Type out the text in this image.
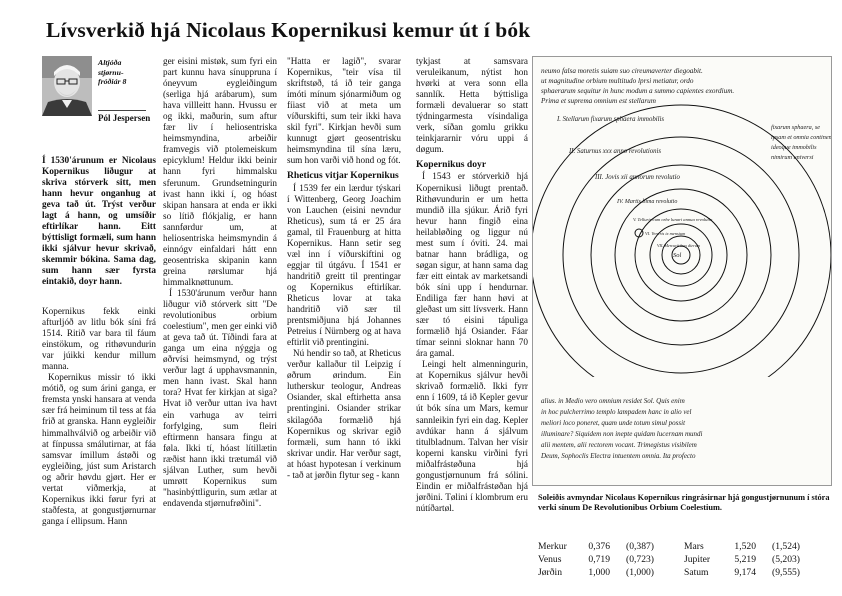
Lívsverkið hjá Nicolaus Kopernikusi kemur út í bók
Altjóða
stjørnu-
fróðiár 8
Pól Jespersen
Í 1530'árunum er Nicolaus Kopernikus liðugur at skriva stórverk sitt, men hann hevur onganhug at geva tað út. Trýst verður lagt á hann, og umsíðir eftirlíkar hann. Eitt býttisligt formæli, sum hann ikki sjálvur hevur skrivað, skemmir bókina. Sama dag, sum hann sær fyrsta eintakið, doyr hann.

Kopernikus fekk einki afturljóð av litlu bók síni frá 1514. Ritið var bara til fáum einstökum, og rithøvundurin var júikki kendur millum manna.

Kopernikus missir tó ikki mótið, og sum árini ganga, er fremsta ynski hansara at venda sær frá heiminum til tess at fáa frið at granska. Hann eygleiðir himmalhválvið og arbeiðir við at fínpussa smálutirnar, at fáa samsvar ímillum ástøði og eygleiðing, júst sum Aristarch og aðrir høvdu gjørt. Her er vertat viðmerkja, at Kopernikus ikki førur fyri at staðfesta, at gongustjørnurnar ganga í ellipsum. Hann

ger eisini mistøk, sum fyri ein part kunnu hava sínuppruna í óneyvum eygleiðingum (serliga hjá arábarum), sum hava villleitt hann. Hvussu er og ikki, maðurin, sum aftur fær liv í heliosentriska heimsmyndina, arbeiðir framvegis við ptolemeiskum epicyklum! Heldur ikki beinir hann fyri himmalsku sferunum. Grundsetningurin ivast hann ikki í, og hóast skipan hansara at enda er ikki so lítið flókjalig, er hann sannførdur um, at heliosentriska heimsmyndin á einnógv einfaldari hátt enn geosentriska skipanin kann greina rørslumar hjá himmalknøttunum.

Í 1530'árunum verður hann liðugur við stórverk sitt "De revolutionibus orbium coelestium", men ger einki við at geva tað út. Tíðindi fara at ganga um eina nýggja og øðrvísi heimsmynd, og trýst verður lagt á upphavsmannin, men hann ivast. Skal hann tora? Hvat fer kirkjan at siga? Hvat ið verður uttan iva havt ein varhuga av teirri forfylging, sum fleiri eftirmenn hansara fingu at føla. Ikki tí, hóast lítillætin ræðist hann ikki trætumál við sjálvan Luther, sum hevði umrøtt Kopernikus sum "hasinbýttligurin, sum ætlar at endavenda stjørnufrøðini".

"Hatta er lagið", svarar Kopernikus, "teir vísa til skriftstøð, tá ið teir ganga ímóti mínum sjónarmiðum og fíiast við at meta um víðurskifti, sum teir ikki hava skil fyri". Kirkjan hevði sum kunnugt gjørt geosentrisku heimsmyndina til sína læru, sum hon varði við hond og fót.

Rheticus vitjar Kopernikus

Í 1539 fer ein lærdur týskari í Wittenberg, Georg Joachim von Lauchen (eisini nevndur Rheticus), sum tá er 25 ára gamal, til Frauenburg at hitta Kopernikus. Hann setir seg væl inn í víðurskiftini og eggjar til útgávu. Í 1541 er handritið greitt til prentingar og Kopernikus eftirlíkar. Rheticus lovar at taka handritið við sær til prentsmiðjuna hjá Johannes Petreius í Nürnberg og at hava eftirlit við prentingini.

Nú hendir so tað, at Rheticus verður kallaður til Leipzig í øðrum ørindum. Ein lutherskur teologur, Andreas Osiander, skal eftirhetta ansa prentingini. Osiander strikar skilagóða formælið hjá Kopernikus og skrivar egið formæli, sum hann tó ikki skrivar undir. Har verður sagt, at hóast hypotesan í verkinum - tað at jørðin flytur seg - kann

tykjast at samsvara veruleikanum, nýtist hon hvørki at vera sonn ella sannlík. Hetta býttisliga formæli devaluerar so statt týdningarmesta vísindaliga verk, síðan gomlu grikku teinkjararnir vóru uppi á døgum.

Kopernikus doyr

Í 1543 er stórverkið hjá Kopernikusi liðugt prentað. Rithøvundurin er um hetta mundið illa sjúkur. Árið fyri hevur hann fingið eina heilabløðing og liggur nú mest sum í óviti. 24. mai batnar hann brádliga, og søgan sigur, at hann sama dag fær eitt eintak av marketsandi bók síni upp í hendurnar. Endiliga fær hann høvi at gleðast um sitt lívsverk. Hann sær tó eisini tápuliga formælið hjá Osiander. Fáar tímar seinni sloknar hann 70 ára gamal.

Leingi helt almenningurin, at Kopernikus sjálvur hevði skrivað formælið. Ikki fyrr enn í 1609, tá ið Kepler gevur út bók sína um Mars, kemur sannleikin fyri ein dag. Kepler avdúkar hann á sjálvum titulbladnum. Talvan her vísir koperni kansku virðini fyri miðalfrástøðuna hjá gongustjørnunum frá sólini. Eindin er miðalfrástøðan hjá jørðini. Tølini í klombrum eru nútíðartøl.

neumo falsa moretis suiam suo cireumaverter diegoabit.
ut magnitudine orbium multitudo lprsi metiatur, ordo
sphaerarum sequitur in hunc modum a summo capientes exordium.
Prima et suprema omnium est stellarum
I. Stellarum fixarum sphaera immobilis
II. Saturnus xxx anno revolutionis
III. Jovis xii annorum revolutio
IV. Martis bima revolutio
V. Telluris cum orbe lunari annua revolutio
VI. Veneris ix mensium
VII. Mercurii lxxx dierum
Sol
fixarum sphaera, se
ipsam et omnia continens
ideoque immobilis
nimirum universi
alius. in Medio vero omnium residet Sol. Quis enim
in hoc pulcherrimo templo lampadem hanc in alio vel
meliori loco poneret, quam unde totum simul possit
illuminare? Siquidem non inepte quidam lucernam mundi
alii mentem, alii rectorem vocant. Trimegistus visibilem
Deum, Sophoclis Electra intuentem omnia. Ita profecto
Soleiðis avmyndar Nicolaus Kopernikus ringrásirnar hjá gongustjørnunum í stóra verki sínum De Revolutionibus Orbium Coelestium.
Merkur	0,376	(0,387)	Mars	1,520	(1,524)
Venus	0,719	(0,723)	Jupiter	5,219	(5,203)
Jørðin	1,000	(1,000)	Satum	9,174	(9,555)
